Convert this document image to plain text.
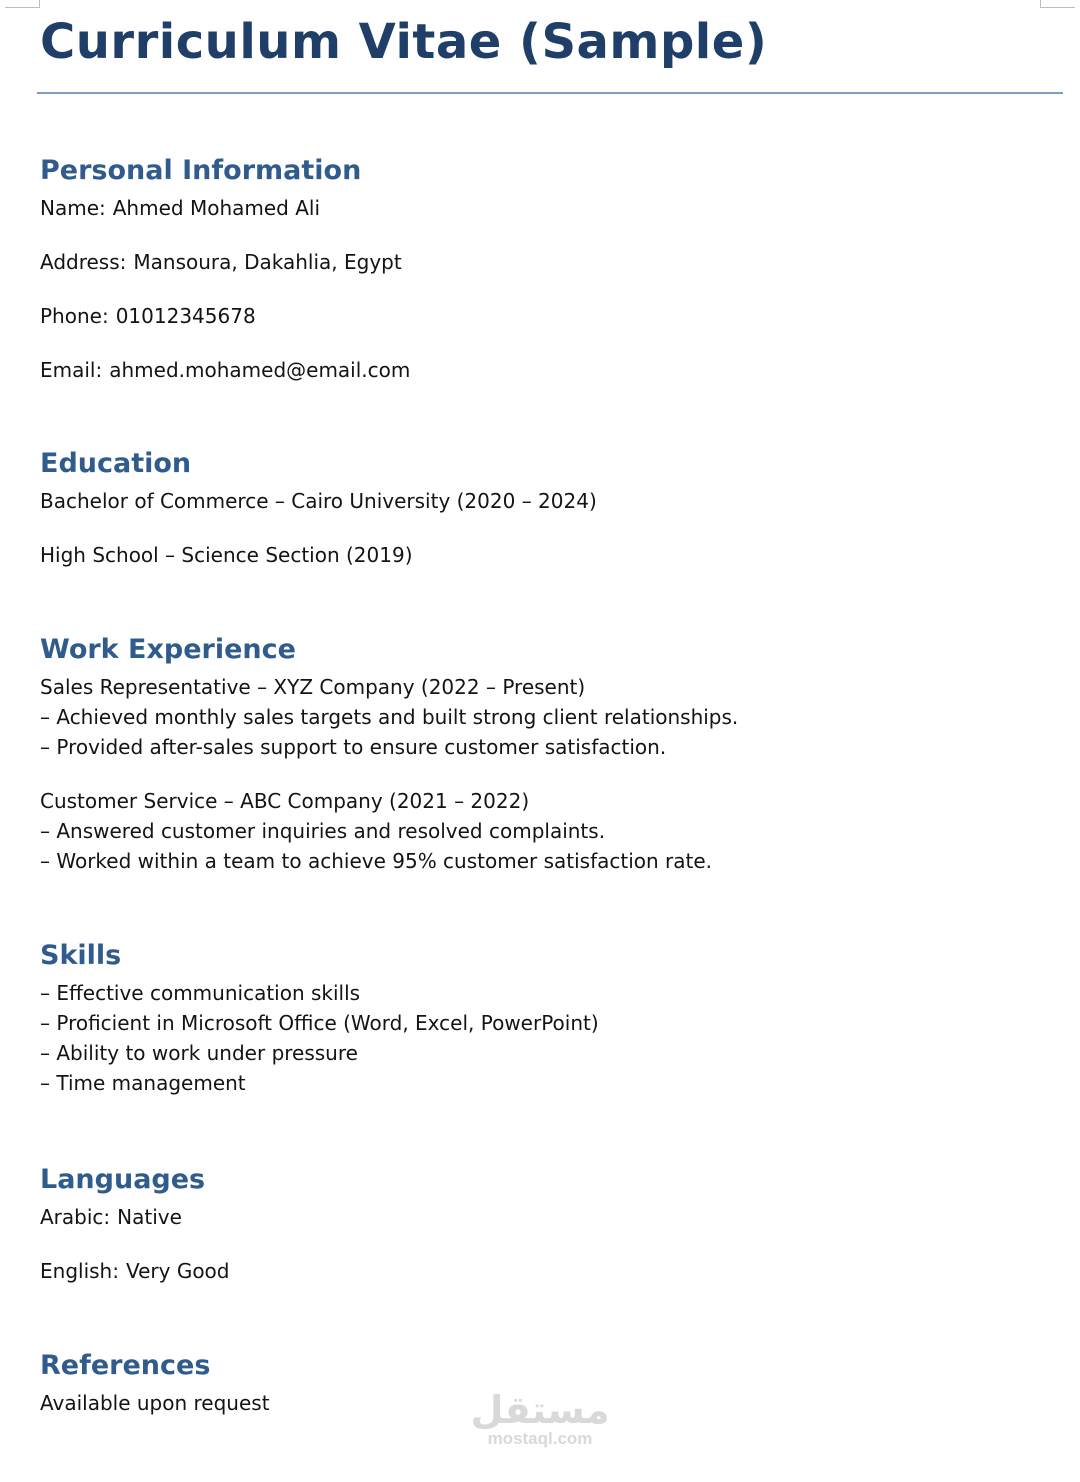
Curriculum Vitae (Sample)
Personal Information
Name: Ahmed Mohamed Ali
Address: Mansoura, Dakahlia, Egypt
Phone: 01012345678
Email: ahmed.mohamed@email.com
Education
Bachelor of Commerce – Cairo University (2020 – 2024)
High School – Science Section (2019)
Work Experience
Sales Representative – XYZ Company (2022 – Present)
– Achieved monthly sales targets and built strong client relationships.
– Provided after-sales support to ensure customer satisfaction.
Customer Service – ABC Company (2021 – 2022)
– Answered customer inquiries and resolved complaints.
– Worked within a team to achieve 95% customer satisfaction rate.
Skills
– Effective communication skills
– Proficient in Microsoft Office (Word, Excel, PowerPoint)
– Ability to work under pressure
– Time management
Languages
Arabic: Native
English: Very Good
References
Available upon request	مستقل
mostaql.com
